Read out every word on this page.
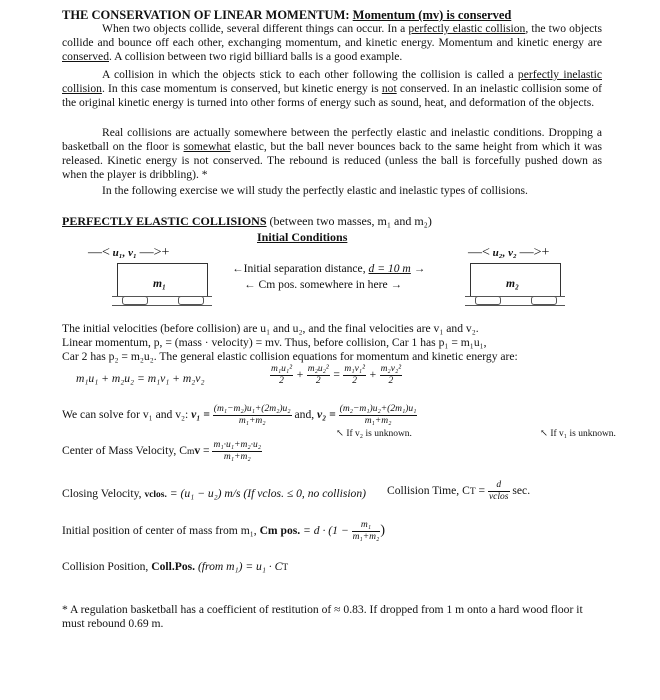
THE CONSERVATION OF LINEAR MOMENTUM: Momentum (mv) is conserved
When two objects collide, several different things can occur. In a perfectly elastic collision, the two objects collide and bounce off each other, exchanging momentum, and kinetic energy. Momentum and kinetic energy are conserved. A collision between two rigid billiard balls is a good example.
A collision in which the objects stick to each other following the collision is called a perfectly inelastic collision. In this case momentum is conserved, but kinetic energy is not conserved. In an inelastic collision some of the original kinetic energy is turned into other forms of energy such as sound, heat, and deformation of the objects.
Real collisions are actually somewhere between the perfectly elastic and inelastic conditions. Dropping a basketball on the floor is somewhat elastic, but the ball never bounces back to the same height from which it was released. Kinetic energy is not conserved. The rebound is reduced (unless the ball is forcefully pushed down as when the player is dribbling). *
In the following exercise we will study the perfectly elastic and inelastic types of collisions.
PERFECTLY ELASTIC COLLISIONS (between two masses, m₁ and m₂)
Initial Conditions
—< u₁, v₁ —>+
m₁
←Initial separation distance, d = 10 m →
← Cm pos. somewhere in here →
—< u₂, v₂ —>+
m₂
The initial velocities (before collision) are u₁ and u₂, and the final velocities are v₁ and v₂.
Linear momentum, p, = (mass · velocity) = mv. Thus, before collision, Car 1 has p₁ = m₁u₁,
Car 2 has p₂ = m₂u₂. The general elastic collision equations for momentum and kinetic energy are:
m₁u₁ + m₂u₂ = m₁v₁ + m₂v₂	$\frac{\text{m₁u₁²}}{2} + \frac{\text{m₂u₂²}}{2} = \frac{\text{m₁v₁²}}{2} + \frac{\text{m₂v₂²}}{2}$
We can solve for v₁ and v₂: $v_1 = \frac{\text{(m₁−m₂)u₁+(2m₂)u₂}}{\text{m₁+m₂}}$ and, $v_2 = \frac{\text{(m₂−m₁)u₂+(2m₁)u₁}}{\text{m₁+m₂}}$
↖ If v₂ is unknown.	↖ If v₁ is unknown.
Center of Mass Velocity, Cmv = $\frac{\text{m₁·u₁+m₂·u₂}}{\text{m₁+m₂}}$
Closing Velocity, vclos. = (u₁ − u₂) m/s (If vclos. ≤ 0, no collision) Collision Time, CT = $\frac{d}{\text{vclos}} \sec$.
Initial position of center of mass from m₁, Cm pos. = $d \cdot (1 - \frac{\text{m₁}}{\text{m₁+m₂}}$ )
Collision Position, Coll.Pos. (from m₁) = u₁ · CT
* A regulation basketball has a coefficient of restitution of ≈ 0.83. If dropped from 1 m onto a hard wood floor it must rebound 0.69 m.
